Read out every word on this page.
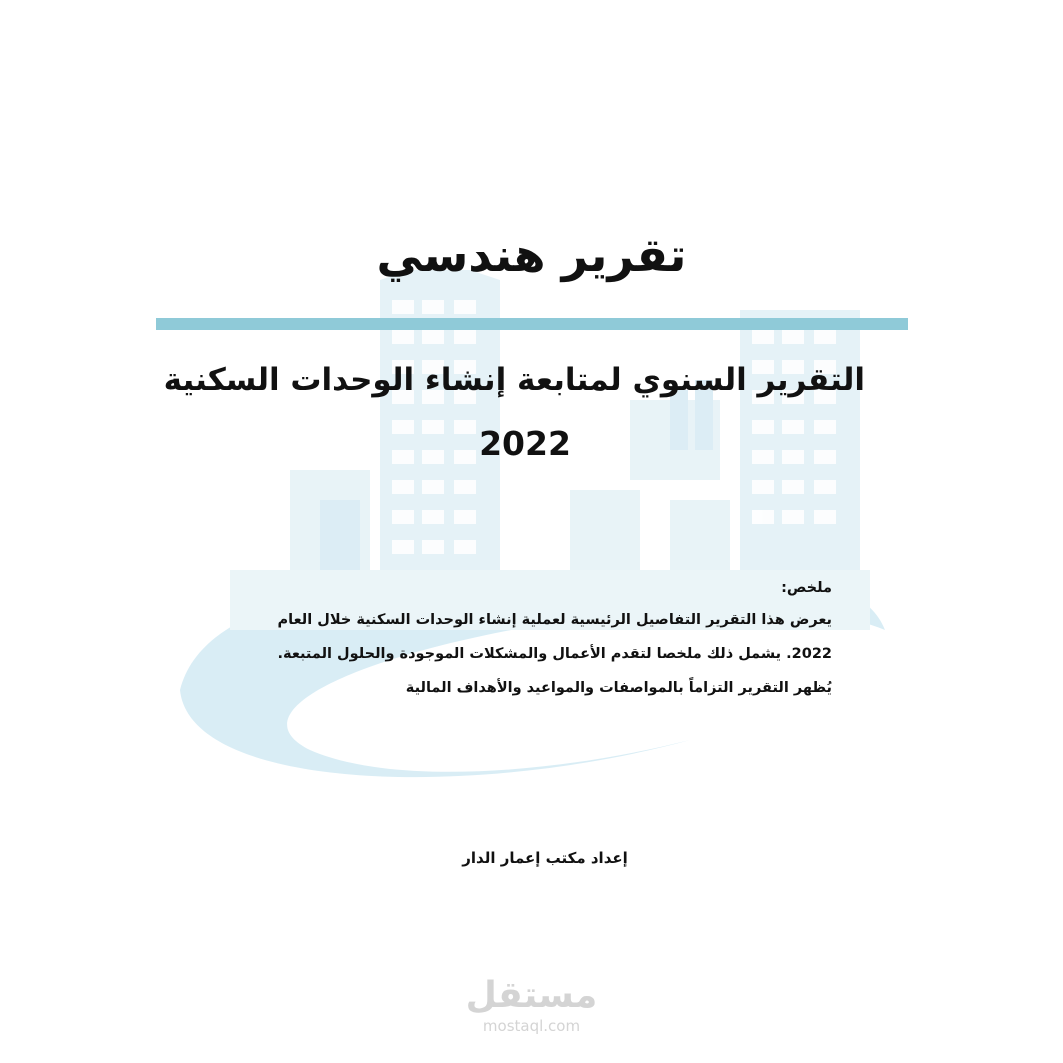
تقرير هندسي
التقرير السنوي لمتابعة إنشاء الوحدات السكنية
2022

ملخص:

يعرض هذا التقرير التفاصيل الرئيسية لعملية إنشاء الوحدات السكنية خلال العام

2022. يشمل ذلك ملخصا لتقدم الأعمال والمشكلات الموجودة والحلول المتبعة.

يُظهر التقرير التزاماً بالمواصفات والمواعيد والأهداف المالية

إعداد مكتب إعمار الدار

مستقل
mostaql.com
